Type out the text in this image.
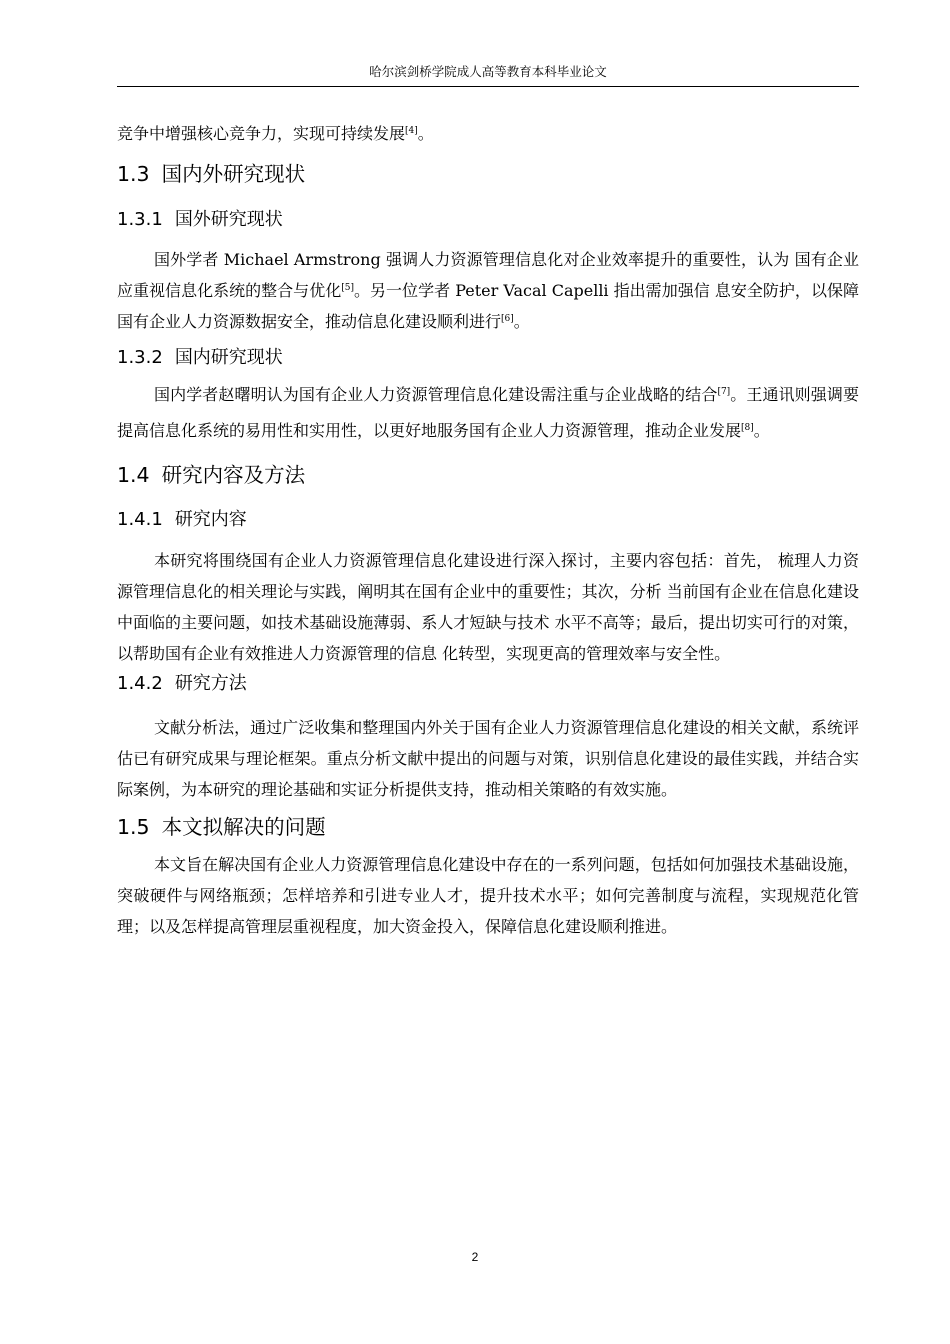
哈尔滨剑桥学院成人高等教育本科毕业论文

竞争中增强核心竞争力，实现可持续发展[4]。

1.3 国内外研究现状
1.3.1 国外研究现状

国外学者 Michael Armstrong 强调人力资源管理信息化对企业效率提升的重要性，认为 国有企业应重视信息化系统的整合与优化[5]。另一位学者 Peter Vacal Capelli 指出需加强信 息安全防护，以保障国有企业人力资源数据安全，推动信息化建设顺利进行[6]。

1.3.2 国内研究现状

国内学者赵曙明认为国有企业人力资源管理信息化建设需注重与企业战略的结合[7]。王通讯则强调要提高信息化系统的易用性和实用性，以更好地服务国有企业人力资源管理，推动企业发展[8]。

1.4 研究内容及方法
1.4.1 研究内容

本研究将围绕国有企业人力资源管理信息化建设进行深入探讨，主要内容包括：首先， 梳理人力资源管理信息化的相关理论与实践，阐明其在国有企业中的重要性；其次，分析 当前国有企业在信息化建设中面临的主要问题，如技术基础设施薄弱、系人才短缺与技术 水平不高等；最后，提出切实可行的对策，以帮助国有企业有效推进人力资源管理的信息 化转型，实现更高的管理效率与安全性。

1.4.2 研究方法

文献分析法，通过广泛收集和整理国内外关于国有企业人力资源管理信息化建设的相关文献，系统评估已有研究成果与理论框架。重点分析文献中提出的问题与对策，识别信息化建设的最佳实践，并结合实际案例，为本研究的理论基础和实证分析提供支持，推动相关策略的有效实施。

1.5 本文拟解决的问题

本文旨在解决国有企业人力资源管理信息化建设中存在的一系列问题，包括如何加强技术基础设施，突破硬件与网络瓶颈；怎样培养和引进专业人才，提升技术水平；如何完善制度与流程，实现规范化管理；以及怎样提高管理层重视程度，加大资金投入，保障信息化建设顺利推进。

2
